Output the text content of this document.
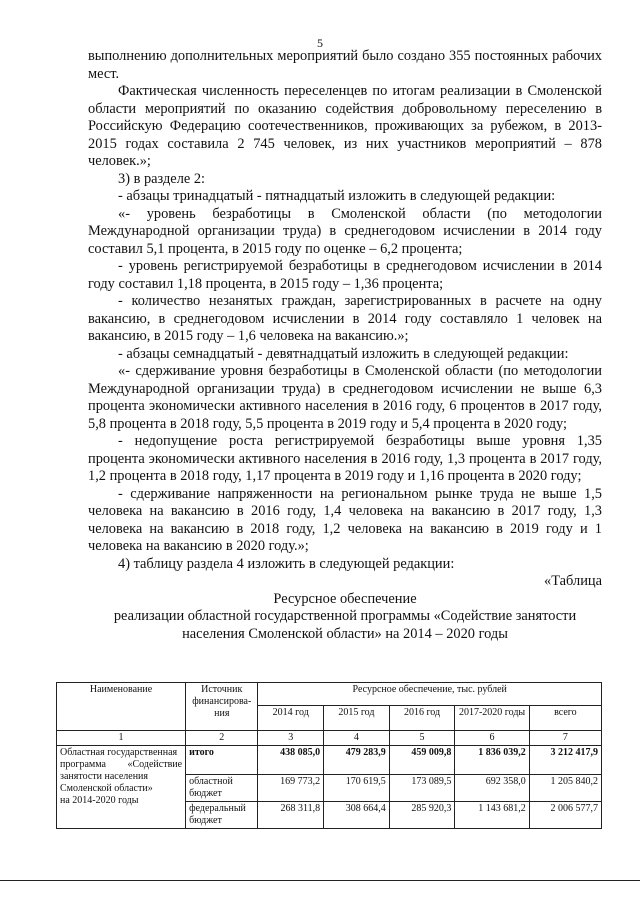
5

выполнению дополнительных мероприятий было создано 355 постоянных рабочих мест.

Фактическая численность переселенцев по итогам реализации в Смоленской области мероприятий по оказанию содействия добровольному переселению в Российскую Федерацию соотечественников, проживающих за рубежом, в 2013-2015 годах составила 2 745 человек, из них участников мероприятий – 878 человек.»;

3) в разделе 2:

- абзацы тринадцатый - пятнадцатый изложить в следующей редакции:

«- уровень безработицы в Смоленской области (по методологии Международной организации труда) в среднегодовом исчислении в 2014 году составил 5,1 процента, в 2015 году по оценке – 6,2 процента;

- уровень регистрируемой безработицы в среднегодовом исчислении в 2014 году составил 1,18 процента, в 2015 году – 1,36 процента;

- количество незанятых граждан, зарегистрированных в расчете на одну вакансию, в среднегодовом исчислении в 2014 году составляло 1 человек на вакансию, в 2015 году – 1,6 человека на вакансию.»;

- абзацы семнадцатый - девятнадцатый изложить в следующей редакции:

«- сдерживание уровня безработицы в Смоленской области (по методологии Международной организации труда) в среднегодовом исчислении не выше 6,3 процента экономически активного населения в 2016 году, 6 процентов в 2017 году, 5,8 процента в 2018 году, 5,5 процента в 2019 году и 5,4 процента в 2020 году;

- недопущение роста регистрируемой безработицы выше уровня 1,35 процента экономически активного населения в 2016 году, 1,3 процента в 2017 году, 1,2 процента в 2018 году, 1,17 процента в 2019 году и 1,16 процента в 2020 году;

- сдерживание напряженности на региональном рынке труда не выше 1,5 человека на вакансию в 2016 году, 1,4 человека на вакансию в 2017 году, 1,3 человека на вакансию в 2018 году, 1,2 человека на вакансию в 2019 году и 1 человека на вакансию в 2020 году.»;

4) таблицу раздела 4 изложить в следующей редакции:

«Таблица

Ресурсное обеспечение

реализации областной государственной программы «Содействие занятости населения Смоленской области» на 2014 – 2020 годы

Наименование	Источник финансирова-ния	Ресурсное обеспечение, тыс. рублей				
		2014 год	2015 год	2016 год	2017-2020 годы	всего
1	2	3	4	5	6	7

Областная государственная
программа «Содействие занятости населения
Смоленской области»
на 2014-2020 годы	итого	438 085,0	479 283,9	459 009,8	1 836 039,2	3 212 417,9
	областной бюджет	169 773,2	170 619,5	173 089,5	692 358,0	1 205 840,2
	федеральный бюджет	268 311,8	308 664,4	285 920,3	1 143 681,2	2 006 577,7
